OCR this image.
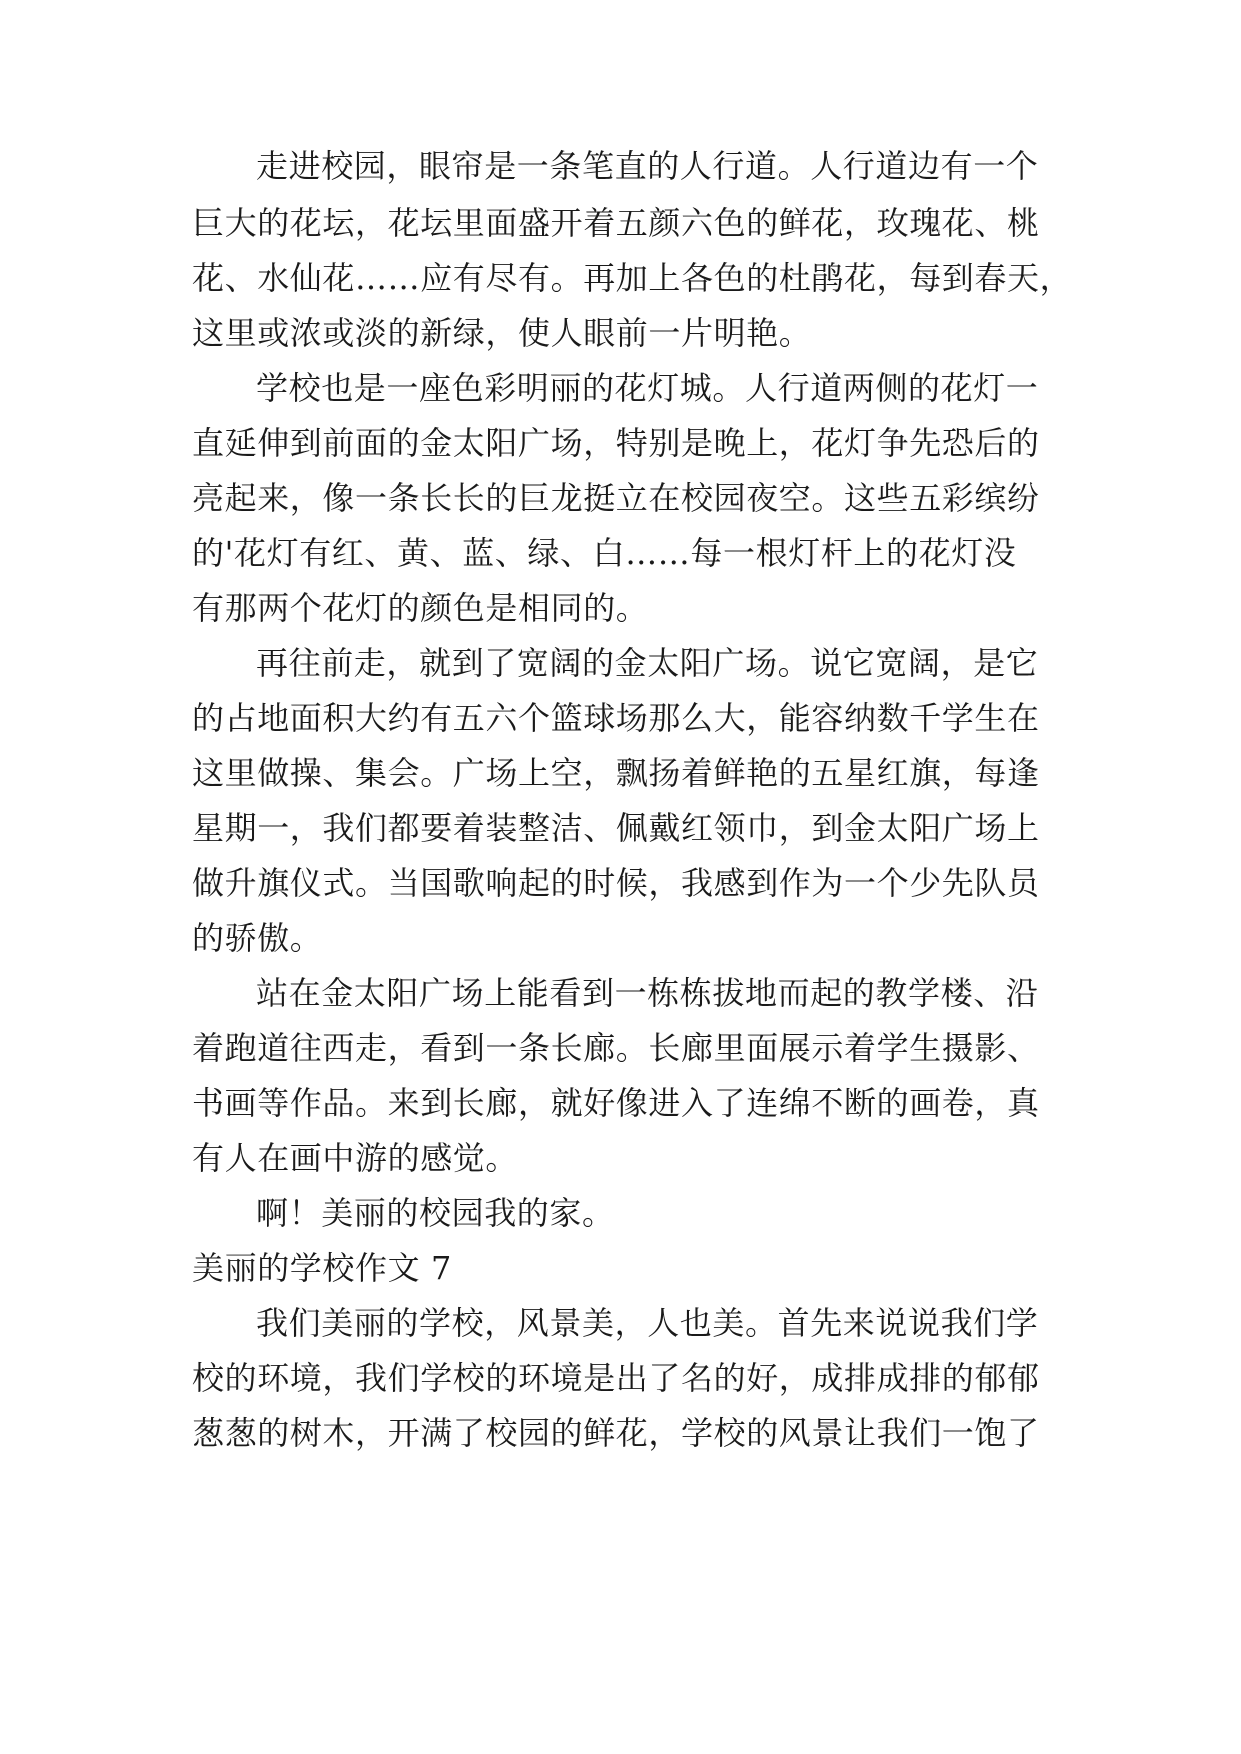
走进校园，眼帘是一条笔直的人行道。人行道边有一个
巨大的花坛，花坛里面盛开着五颜六色的鲜花，玫瑰花、桃
花、水仙花……应有尽有。再加上各色的杜鹃花，每到春天，
这里或浓或淡的新绿，使人眼前一片明艳。
学校也是一座色彩明丽的花灯城。人行道两侧的花灯一
直延伸到前面的金太阳广场，特别是晚上，花灯争先恐后的
亮起来，像一条长长的巨龙挺立在校园夜空。这些五彩缤纷
的'花灯有红、黄、蓝、绿、白……每一根灯杆上的花灯没
有那两个花灯的颜色是相同的。
再往前走，就到了宽阔的金太阳广场。说它宽阔，是它
的占地面积大约有五六个篮球场那么大，能容纳数千学生在
这里做操、集会。广场上空，飘扬着鲜艳的五星红旗，每逢
星期一，我们都要着装整洁、佩戴红领巾，到金太阳广场上
做升旗仪式。当国歌响起的时候，我感到作为一个少先队员
的骄傲。
站在金太阳广场上能看到一栋栋拔地而起的教学楼、沿
着跑道往西走，看到一条长廊。长廊里面展示着学生摄影、
书画等作品。来到长廊，就好像进入了连绵不断的画卷，真
有人在画中游的感觉。
啊！美丽的校园我的家。
美丽的学校作文 7
我们美丽的学校，风景美，人也美。首先来说说我们学
校的环境，我们学校的环境是出了名的好，成排成排的郁郁
葱葱的树木，开满了校园的鲜花，学校的风景让我们一饱了
